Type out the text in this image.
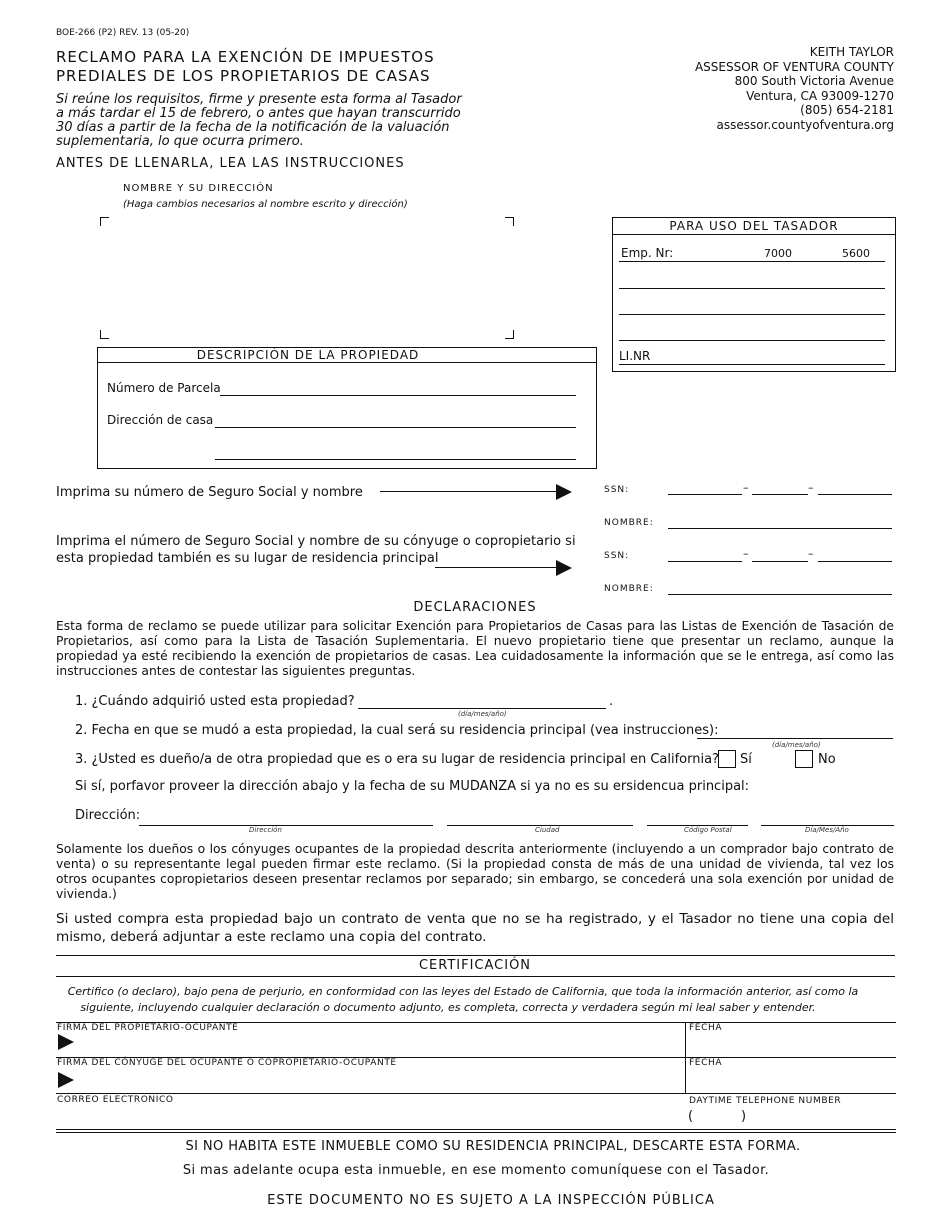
BOE-266 (P2) REV. 13 (05-20)
RECLAMO PARA LA EXENCIÓN DE IMPUESTOS
PREDIALES DE LOS PROPIETARIOS DE CASAS
Si reúne los requisitos, firme y presente esta forma al Tasador
a más tardar el 15 de febrero, o antes que hayan transcurrido
30 días a partir de la fecha de la notificación de la valuación
suplementaria, lo que ocurra primero.
ANTES DE LLENARLA, LEA LAS INSTRUCCIONES
KEITH TAYLOR
ASSESSOR OF VENTURA COUNTY
800 South Victoria Avenue
Ventura, CA 93009-1270
(805) 654-2181
assessor.countyofventura.org
NOMBRE Y SU DIRECCIÓN
(Haga cambios necesarios al nombre escrito y dirección)
PARA USO DEL TASADOR
Emp. Nr:	7000	5600
LI.NR
DESCRIPCIÓN DE LA PROPIEDAD
Número de Parcela
Dirección de casa
Imprima su número de Seguro Social y nombre
Imprima el número de Seguro Social y nombre de su cónyuge o copropietario si
esta propiedad también es su lugar de residencia principal
SSN:	–	–
NOMBRE:
SSN:	–	–
NOMBRE:
DECLARACIONES
Esta forma de reclamo se puede utilizar para solicitar Exención para Propietarios de Casas para las Listas de Exención de Tasación de Propietarios, así como para la Lista de Tasación Suplementaria. El nuevo propietario tiene que presentar un reclamo, aunque la propiedad ya esté recibiendo la exención de propietarios de casas. Lea cuidadosamente la información que se le entrega, así como las instrucciones antes de contestar las siguientes preguntas.
1. ¿Cuándo adquirió usted esta propiedad?	.
(día/mes/año)
2. Fecha en que se mudó a esta propiedad, la cual será su residencia principal (vea instrucciones):
(día/mes/año)
3. ¿Usted es dueño/a de otra propiedad que es o era su lugar de residencia principal en California? Sí	No
Si sí, porfavor proveer la dirección abajo y la fecha de su MUDANZA si ya no es su ersidencua principal:
Dirección:
Dirección	Ciudad	Código Postal	Día/Mes/Año
Solamente los dueños o los cónyuges ocupantes de la propiedad descrita anteriormente (incluyendo a un comprador bajo contrato de venta) o su representante legal pueden firmar este reclamo. (Si la propiedad consta de más de una unidad de vivienda, tal vez los otros ocupantes copropietarios deseen presentar reclamos por separado; sin embargo, se concederá una sola exención por unidad de vivienda.)
Si usted compra esta propiedad bajo un contrato de venta que no se ha registrado, y el Tasador no tiene una copia del mismo, deberá adjuntar a este reclamo una copia del contrato.
CERTIFICACIÓN
Certifico (o declaro), bajo pena de perjurio, en conformidad con las leyes del Estado de California, que toda la información anterior, así como la
siguiente, incluyendo cualquier declaración o documento adjunto, es completa, correcta y verdadera según mi leal saber y entender.
FIRMA DEL PROPIETARIO-OCUPANTE	FECHA
FIRMA DEL CÓNYUGE DEL OCUPANTE O COPROPIETARIO-OCUPANTE	FECHA
CORREO ELECTRONICO	DAYTIME TELEPHONE NUMBER
(	)
SI NO HABITA ESTE INMUEBLE COMO SU RESIDENCIA PRINCIPAL, DESCARTE ESTA FORMA.
Si mas adelante ocupa esta inmueble, en ese momento comuníquese con el Tasador.
ESTE DOCUMENTO NO ES SUJETO A LA INSPECCIÓN PÚBLICA
